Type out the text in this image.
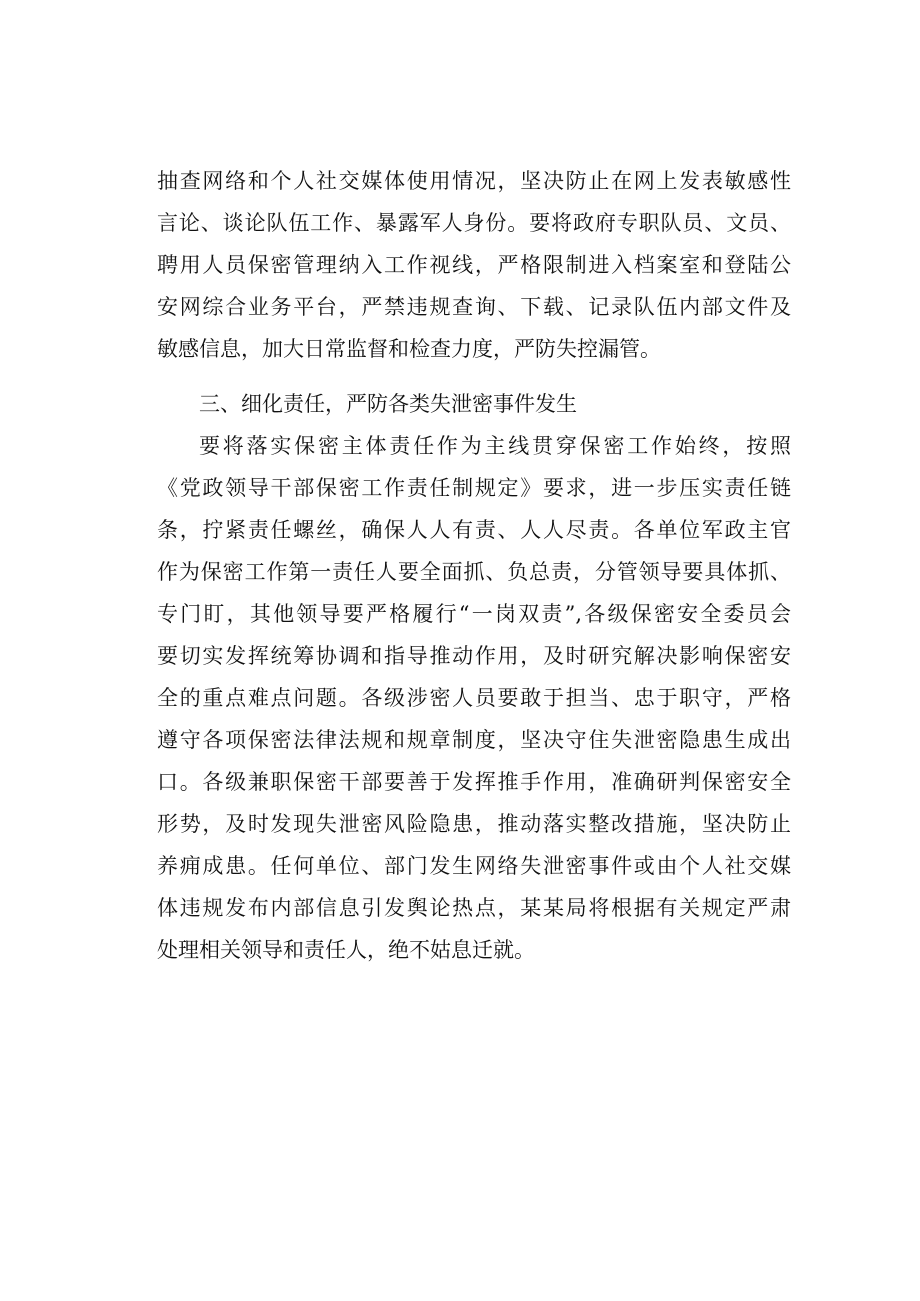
抽查网络和个人社交媒体使用情况，坚决防止在网上发表敏感性
言论、谈论队伍工作、暴露军人身份。要将政府专职队员、文员、
聘用人员保密管理纳入工作视线，严格限制进入档案室和登陆公
安网综合业务平台，严禁违规查询、下载、记录队伍内部文件及
敏感信息，加大日常监督和检查力度，严防失控漏管。
三、细化责任，严防各类失泄密事件发生
要将落实保密主体责任作为主线贯穿保密工作始终，按照
《党政领导干部保密工作责任制规定》要求，进一步压实责任链
条，拧紧责任螺丝，确保人人有责、人人尽责。各单位军政主官
作为保密工作第一责任人要全面抓、负总责，分管领导要具体抓、
专门盯，其他领导要严格履行“一岗双责”,各级保密安全委员会
要切实发挥统筹协调和指导推动作用，及时研究解决影响保密安
全的重点难点问题。各级涉密人员要敢于担当、忠于职守，严格
遵守各项保密法律法规和规章制度，坚决守住失泄密隐患生成出
口。各级兼职保密干部要善于发挥推手作用，准确研判保密安全
形势，及时发现失泄密风险隐患，推动落实整改措施，坚决防止
养痈成患。任何单位、部门发生网络失泄密事件或由个人社交媒
体违规发布内部信息引发舆论热点，某某局将根据有关规定严肃
处理相关领导和责任人，绝不姑息迁就。
